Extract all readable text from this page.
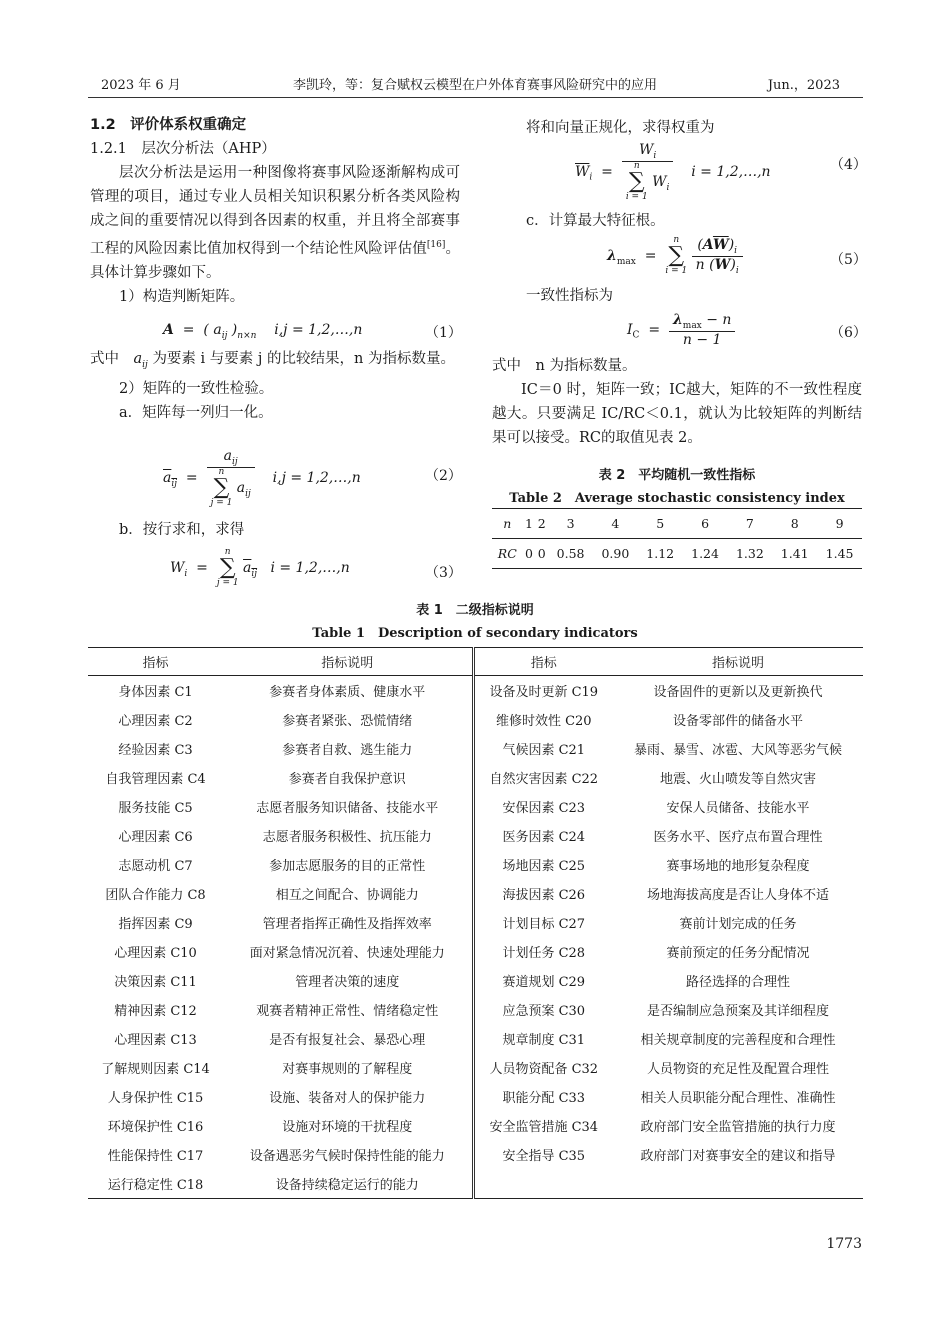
2023 年 6 月	李凯玲，等：复合赋权云模型在户外体育赛事风险研究中的应用	Jun.，2023
1.2　评价体系权重确定
1.2.1　层次分析法（AHP）
层次分析法是运用一种图像将赛事风险逐渐解构成可管理的项目，通过专业人员相关知识积累分析各类风险构成之间的重要情况以得到各因素的权重，并且将全部赛事工程的风险因素比值加权得到一个结论性风险评估值[16]。具体计算步骤如下。
1）构造判断矩阵。
A  =  ( $a_{ij}$ )$_{n\times n}$ i,j = 1,2,…,n	（1）
式中　$a_{ij}$ 为要素 i 与要素 j 的比较结果，n 为指标数量。
2）矩阵的一致性检验。
a．矩阵每一列归一化。
$a_{ij} = a_{ij}$
n
∑
j = 1
$a_{ij}$ i,j = 1,2,…,n	（2）
b．按行求和，求得
$W_i$  =
n
∑
j = 1
$a_{ij}$ i = 1,2,…,n	（3）
将和向量正规化，求得权重为
$\overline{W}_i = W_i$
n
∑
i = 1
$W_i$ i = 1,2,…,n	（4）
c．计算最大特征根。
$\lambda_{max}$  =
n
∑
i = 1
$\frac{(A\overline{W})_i}{n (\overline{W})_i}$	（5）
一致性指标为
$I_C = \frac{\lambda_{max} - n}{n - 1}$	（6）
式中　n 为指标数量。
IC＝0 时，矩阵一致；IC越大，矩阵的不一致性程度越大。只要满足 IC/RC＜0.1，就认为比较矩阵的判断结果可以接受。RC的取值见表 2。
表 2　平均随机一致性指标
Table 2　Average stochastic consistency index
n	1	2	3	4	5	6	7	8	9
RC	0	0	0.58	0.90	1.12	1.24	1.32	1.41	1.45
表 1　二级指标说明
Table 1　Description of secondary indicators
指标	指标说明	指标	指标说明
身体因素 C1	参赛者身体素质、健康水平	设备及时更新 C19	设备固件的更新以及更新换代
心理因素 C2	参赛者紧张、恐慌情绪	维修时效性 C20	设备零部件的储备水平
经验因素 C3	参赛者自救、逃生能力	气候因素 C21	暴雨、暴雪、冰雹、大风等恶劣气候
自我管理因素 C4	参赛者自我保护意识	自然灾害因素 C22	地震、火山喷发等自然灾害
服务技能 C5	志愿者服务知识储备、技能水平	安保因素 C23	安保人员储备、技能水平
心理因素 C6	志愿者服务积极性、抗压能力	医务因素 C24	医务水平、医疗点布置合理性
志愿动机 C7	参加志愿服务的目的正常性	场地因素 C25	赛事场地的地形复杂程度
团队合作能力 C8	相互之间配合、协调能力	海拔因素 C26	场地海拔高度是否让人身体不适
指挥因素 C9	管理者指挥正确性及指挥效率	计划目标 C27	赛前计划完成的任务
心理因素 C10	面对紧急情况沉着、快速处理能力	计划任务 C28	赛前预定的任务分配情况
决策因素 C11	管理者决策的速度	赛道规划 C29	路径选择的合理性
精神因素 C12	观赛者精神正常性、情绪稳定性	应急预案 C30	是否编制应急预案及其详细程度
心理因素 C13	是否有报复社会、暴恐心理	规章制度 C31	相关规章制度的完善程度和合理性
了解规则因素 C14	对赛事规则的了解程度	人员物资配备 C32	人员物资的充足性及配置合理性
人身保护性 C15	设施、装备对人的保护能力	职能分配 C33	相关人员职能分配合理性、准确性
环境保护性 C16	设施对环境的干扰程度	安全监管措施 C34	政府部门安全监管措施的执行力度
性能保持性 C17	设备遇恶劣气候时保持性能的能力	安全指导 C35	政府部门对赛事安全的建议和指导
运行稳定性 C18	设备持续稳定运行的能力		
1773
